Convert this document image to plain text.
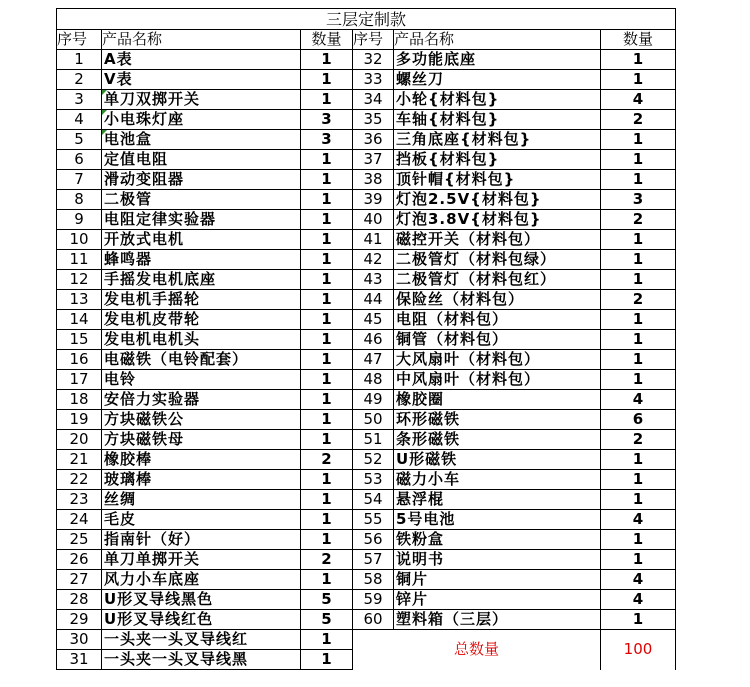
三层定制款					
序号	产品名称	数量	序号	产品名称	数量
1	A表	1	32	多功能底座	1
2	V表	1	33	螺丝刀	1
3	单刀双掷开关	1	34	小轮{材料包}	4
4	小电珠灯座	3	35	车轴{材料包}	2
5	电池盒	3	36	三角底座{材料包}	1
6	定值电阻	1	37	挡板{材料包}	1
7	滑动变阻器	1	38	顶针帽{材料包}	1
8	二极管	1	39	灯泡2.5V{材料包}	3
9	电阻定律实验器	1	40	灯泡3.8V{材料包}	2
10	开放式电机	1	41	磁控开关（材料包）	1
11	蜂鸣器	1	42	二极管灯（材料包绿）	1
12	手摇发电机底座	1	43	二极管灯（材料包红）	1
13	发电机手摇轮	1	44	保险丝（材料包）	2
14	发电机皮带轮	1	45	电阻（材料包）	1
15	发电机电机头	1	46	铜管（材料包）	1
16	电磁铁（电铃配套）	1	47	大风扇叶（材料包）	1
17	电铃	1	48	中风扇叶（材料包）	1
18	安倍力实验器	1	49	橡胶圈	4
19	方块磁铁公	1	50	环形磁铁	6
20	方块磁铁母	1	51	条形磁铁	2
21	橡胶棒	2	52	U形磁铁	1
22	玻璃棒	1	53	磁力小车	1
23	丝绸	1	54	悬浮棍	1
24	毛皮	1	55	5号电池	4
25	指南针（好）	1	56	铁粉盒	1
26	单刀单掷开关	2	57	说明书	1
27	风力小车底座	1	58	铜片	4
28	U形叉导线黑色	5	59	锌片	4
29	U形叉导线红色	5	60	塑料箱（三层）	1
30	一头夹一头叉导线红	1	总数量		100
31	一头夹一头叉导线黑	1			
